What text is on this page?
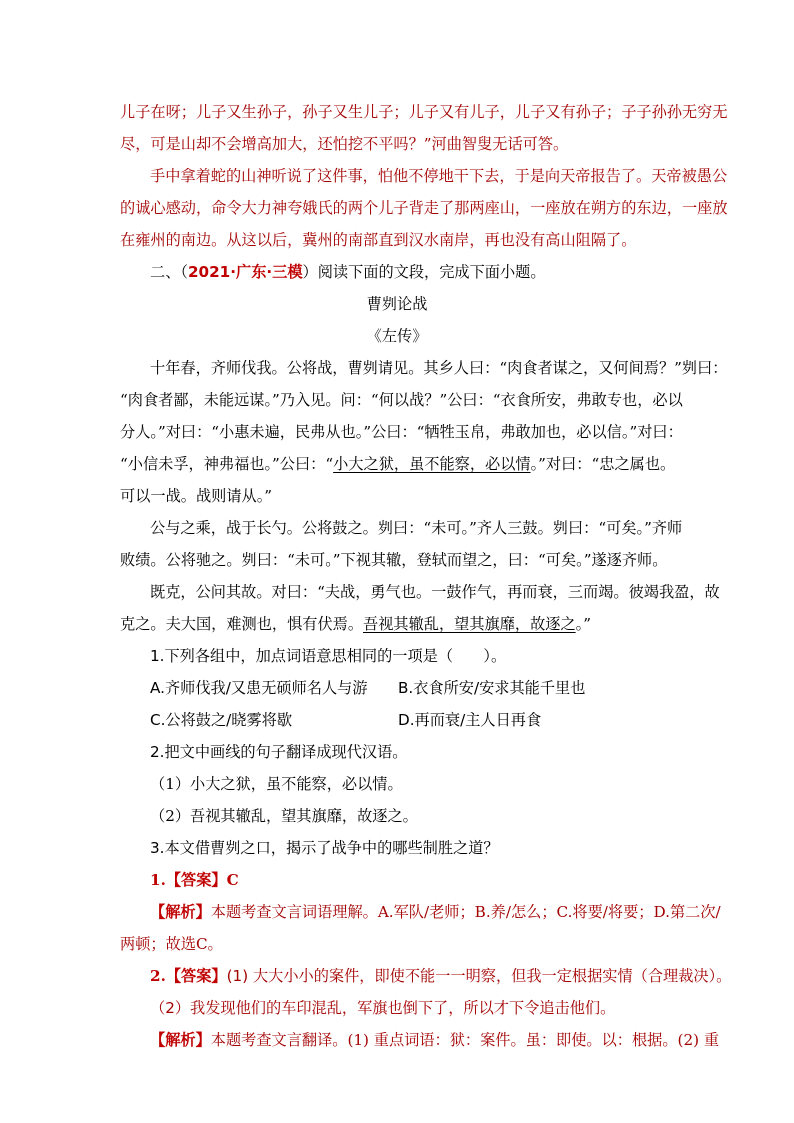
儿子在呀；儿子又生孙子，孙子又生儿子；儿子又有儿子，儿子又有孙子；子子孙孙无穷无
尽，可是山却不会增高加大，还怕挖不平吗？”河曲智叟无话可答。
手中拿着蛇的山神听说了这件事，怕他不停地干下去，于是向天帝报告了。天帝被愚公
的诚心感动，命令大力神夸娥氏的两个儿子背走了那两座山，一座放在朔方的东边，一座放
在雍州的南边。从这以后，冀州的南部直到汉水南岸，再也没有高山阻隔了。
二、（2021·广东·三模）阅读下面的文段，完成下面小题。
曹刿论战
《左传》
十年春，齐师伐我。公将战，曹刿请见。其乡人曰：“肉食者谋之，又何间焉？”刿曰：
“肉食者鄙，未能远谋。”乃入见。问：“何以战？”公曰：“衣食所安，弗敢专也，必以
分人。”对曰：“小惠未遍，民弗从也。”公曰：“牺牲玉帛，弗敢加也，必以信。”对曰：
“小信未孚，神弗福也。”公曰：“小大之狱，虽不能察，必以情。”对曰：“忠之属也。
可以一战。战则请从。”
公与之乘，战于长勺。公将鼓之。刿曰：“未可。”齐人三鼓。刿曰：“可矣。”齐师
败绩。公将驰之。刿曰：“未可。”下视其辙，登轼而望之，曰：“可矣。”遂逐齐师。
既克，公问其故。对曰：“夫战，勇气也。一鼓作气，再而衰，三而竭。彼竭我盈，故
克之。夫大国，难测也，惧有伏焉。吾视其辙乱，望其旗靡，故逐之。”
1.下列各组中，加点词语意思相同的一项是（　　）。
A.齐师伐我/又患无硕师名人与游 B.衣食所安/安求其能千里也
C.公将鼓之/晓雾将歇	D.再而衰/主人日再食
2.把文中画线的句子翻译成现代汉语。
（1）小大之狱，虽不能察，必以情。
（2）吾视其辙乱，望其旗靡，故逐之。
3.本文借曹刿之口，揭示了战争中的哪些制胜之道？
1.【答案】C
【解析】本题考查文言词语理解。A.军队/老师；B.养/怎么；C.将要/将要；D.第二次/
两顿；故选C。
2.【答案】(1) 大大小小的案件，即使不能一一明察，但我一定根据实情（合理裁决）。
（2）我发现他们的车印混乱，军旗也倒下了，所以才下令追击他们。
【解析】本题考查文言翻译。(1) 重点词语：狱：案件。虽：即使。以：根据。(2) 重
